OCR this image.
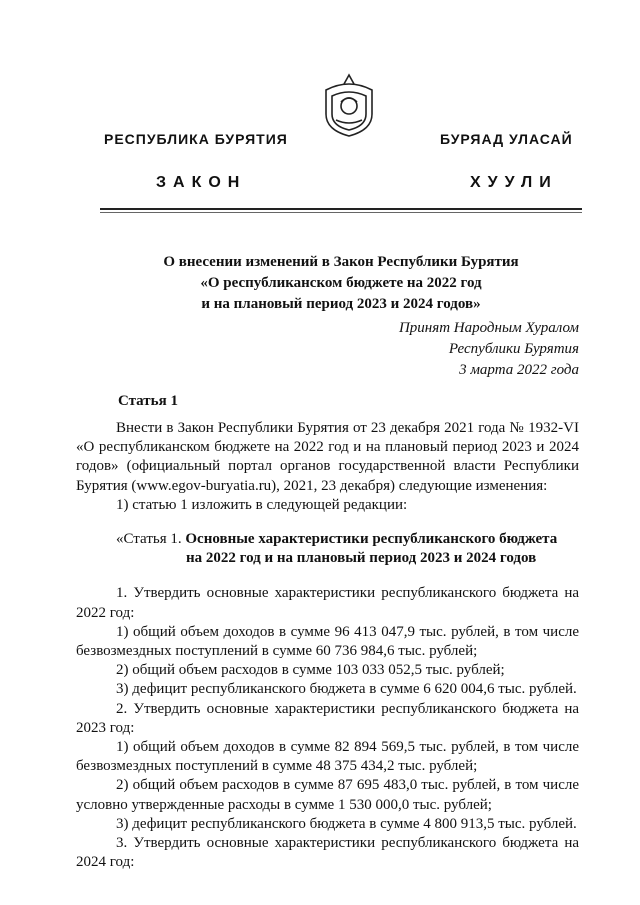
РЕСПУБЛИКА БУРЯТИЯ	БУРЯАД УЛАСАЙ
ЗАКОН	ХУУЛИ
О внесении изменений в Закон Республики Бурятия
«О республиканском бюджете на 2022 год
и на плановый период 2023 и 2024 годов»
Принят Народным Хуралом
Республики Бурятия
3 марта 2022 года
Статья 1
Внести в Закон Республики Бурятия от 23 декабря 2021 года № 1932-VI «О республиканском бюджете на 2022 год и на плановый период 2023 и 2024 годов» (официальный портал органов государственной власти Республики Бурятия (www.egov-buryatia.ru), 2021, 23 декабря) следующие изменения:
1) статью 1 изложить в следующей редакции:
«Статья 1. Основные характеристики республиканского бюджета
на 2022 год и на плановый период 2023 и 2024 годов
1. Утвердить основные характеристики республиканского бюджета на 2022 год:
1) общий объем доходов в сумме 96 413 047,9 тыс. рублей, в том числе безвозмездных поступлений в сумме 60 736 984,6 тыс. рублей;
2) общий объем расходов в сумме 103 033 052,5 тыс. рублей;
3) дефицит республиканского бюджета в сумме 6 620 004,6 тыс. рублей.
2. Утвердить основные характеристики республиканского бюджета на 2023 год:
1) общий объем доходов в сумме 82 894 569,5 тыс. рублей, в том числе безвозмездных поступлений в сумме 48 375 434,2 тыс. рублей;
2) общий объем расходов в сумме 87 695 483,0 тыс. рублей, в том числе условно утвержденные расходы в сумме 1 530 000,0 тыс. рублей;
3) дефицит республиканского бюджета в сумме 4 800 913,5 тыс. рублей.
3. Утвердить основные характеристики республиканского бюджета на 2024 год:
